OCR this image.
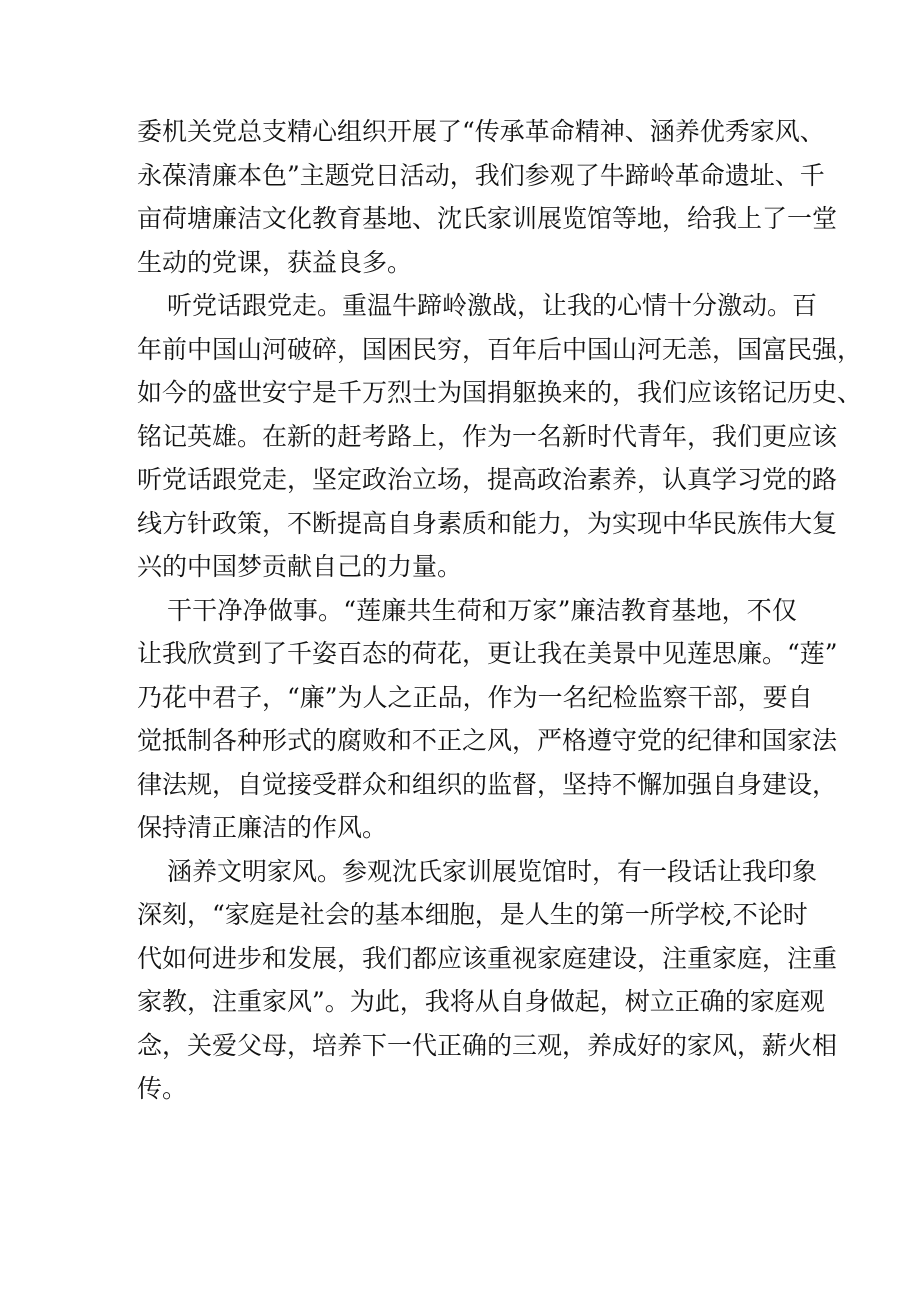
委机关党总支精心组织开展了“传承革命精神、涵养优秀家风、
永葆清廉本色”主题党日活动，我们参观了牛蹄岭革命遗址、千
亩荷塘廉洁文化教育基地、沈氏家训展览馆等地，给我上了一堂
生动的党课，获益良多。
听党话跟党走。重温牛蹄岭激战，让我的心情十分激动。百
年前中国山河破碎，国困民穷，百年后中国山河无恙，国富民强，
如今的盛世安宁是千万烈士为国捐躯换来的，我们应该铭记历史、
铭记英雄。在新的赶考路上，作为一名新时代青年，我们更应该
听党话跟党走，坚定政治立场，提高政治素养，认真学习党的路
线方针政策，不断提高自身素质和能力，为实现中华民族伟大复
兴的中国梦贡献自己的力量。
干干净净做事。“莲廉共生荷和万家”廉洁教育基地，不仅
让我欣赏到了千姿百态的荷花，更让我在美景中见莲思廉。“莲”
乃花中君子，“廉”为人之正品，作为一名纪检监察干部，要自
觉抵制各种形式的腐败和不正之风，严格遵守党的纪律和国家法
律法规，自觉接受群众和组织的监督，坚持不懈加强自身建设，
保持清正廉洁的作风。
涵养文明家风。参观沈氏家训展览馆时，有一段话让我印象
深刻，“家庭是社会的基本细胞，是人生的第一所学校,不论时
代如何进步和发展，我们都应该重视家庭建设，注重家庭，注重
家教，注重家风”。为此，我将从自身做起，树立正确的家庭观
念，关爱父母，培养下一代正确的三观，养成好的家风，薪火相
传。
